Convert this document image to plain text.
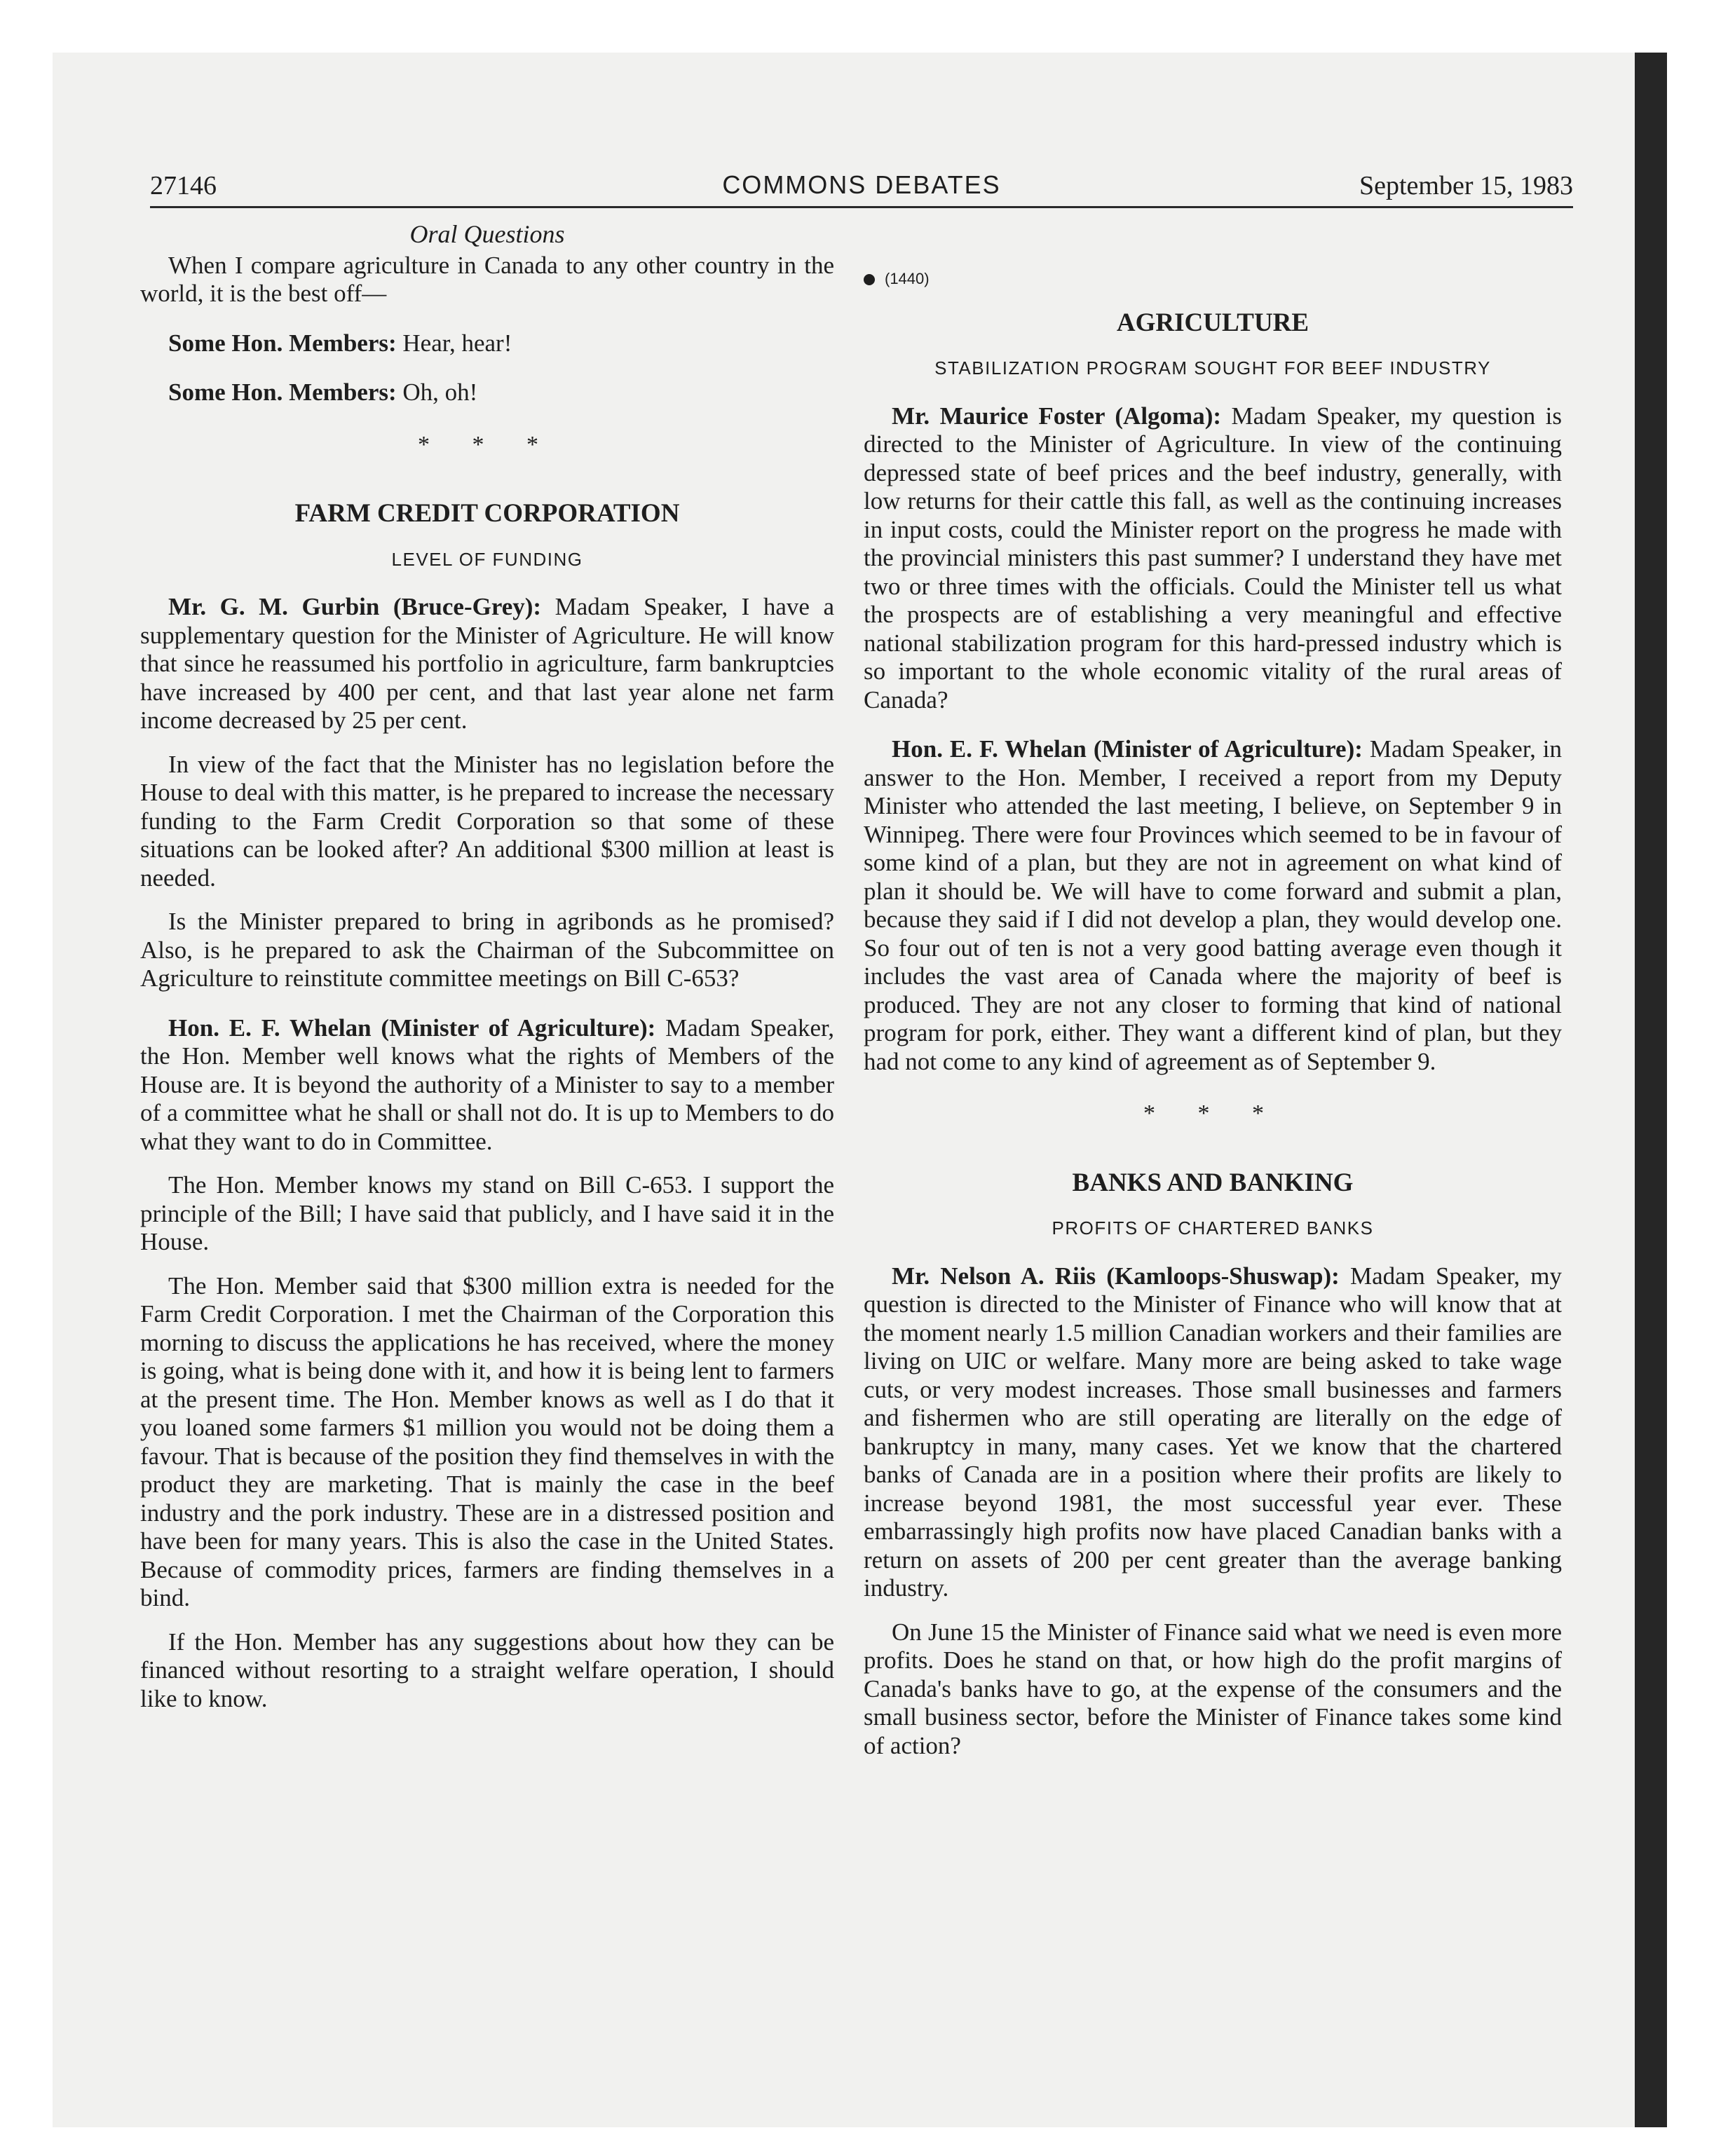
27146	COMMONS DEBATES	September 15, 1983
Oral Questions

When I compare agriculture in Canada to any other country in the world, it is the best off—

Some Hon. Members: Hear, hear!

Some Hon. Members: Oh, oh!

* * *
FARM CREDIT CORPORATION
LEVEL OF FUNDING

Mr. G. M. Gurbin (Bruce-Grey): Madam Speaker, I have a supplementary question for the Minister of Agriculture. He will know that since he reassumed his portfolio in agriculture, farm bankruptcies have increased by 400 per cent, and that last year alone net farm income decreased by 25 per cent.

In view of the fact that the Minister has no legislation before the House to deal with this matter, is he prepared to increase the necessary funding to the Farm Credit Corporation so that some of these situations can be looked after? An additional $300 million at least is needed.

Is the Minister prepared to bring in agribonds as he promised? Also, is he prepared to ask the Chairman of the Subcommittee on Agriculture to reinstitute committee meetings on Bill C-653?

Hon. E. F. Whelan (Minister of Agriculture): Madam Speaker, the Hon. Member well knows what the rights of Members of the House are. It is beyond the authority of a Minister to say to a member of a committee what he shall or shall not do. It is up to Members to do what they want to do in Committee.

The Hon. Member knows my stand on Bill C-653. I support the principle of the Bill; I have said that publicly, and I have said it in the House.

The Hon. Member said that $300 million extra is needed for the Farm Credit Corporation. I met the Chairman of the Corporation this morning to discuss the applications he has received, where the money is going, what is being done with it, and how it is being lent to farmers at the present time. The Hon. Member knows as well as I do that it you loaned some farmers $1 million you would not be doing them a favour. That is because of the position they find themselves in with the product they are marketing. That is mainly the case in the beef industry and the pork industry. These are in a distressed position and have been for many years. This is also the case in the United States. Because of commodity prices, farmers are finding themselves in a bind.

If the Hon. Member has any suggestions about how they can be financed without resorting to a straight welfare operation, I should like to know.

(1440)
AGRICULTURE
STABILIZATION PROGRAM SOUGHT FOR BEEF INDUSTRY

Mr. Maurice Foster (Algoma): Madam Speaker, my question is directed to the Minister of Agriculture. In view of the continuing depressed state of beef prices and the beef industry, generally, with low returns for their cattle this fall, as well as the continuing increases in input costs, could the Minister report on the progress he made with the provincial ministers this past summer? I understand they have met two or three times with the officials. Could the Minister tell us what the prospects are of establishing a very meaningful and effective national stabilization program for this hard-pressed industry which is so important to the whole economic vitality of the rural areas of Canada?

Hon. E. F. Whelan (Minister of Agriculture): Madam Speaker, in answer to the Hon. Member, I received a report from my Deputy Minister who attended the last meeting, I believe, on September 9 in Winnipeg. There were four Provinces which seemed to be in favour of some kind of a plan, but they are not in agreement on what kind of plan it should be. We will have to come forward and submit a plan, because they said if I did not develop a plan, they would develop one. So four out of ten is not a very good batting average even though it includes the vast area of Canada where the majority of beef is produced. They are not any closer to forming that kind of national program for pork, either. They want a different kind of plan, but they had not come to any kind of agreement as of September 9.

* * *
BANKS AND BANKING
PROFITS OF CHARTERED BANKS

Mr. Nelson A. Riis (Kamloops-Shuswap): Madam Speaker, my question is directed to the Minister of Finance who will know that at the moment nearly 1.5 million Canadian workers and their families are living on UIC or welfare. Many more are being asked to take wage cuts, or very modest increases. Those small businesses and farmers and fishermen who are still operating are literally on the edge of bankruptcy in many, many cases. Yet we know that the chartered banks of Canada are in a position where their profits are likely to increase beyond 1981, the most successful year ever. These embarrassingly high profits now have placed Canadian banks with a return on assets of 200 per cent greater than the average banking industry.

On June 15 the Minister of Finance said what we need is even more profits. Does he stand on that, or how high do the profit margins of Canada's banks have to go, at the expense of the consumers and the small business sector, before the Minister of Finance takes some kind of action?
